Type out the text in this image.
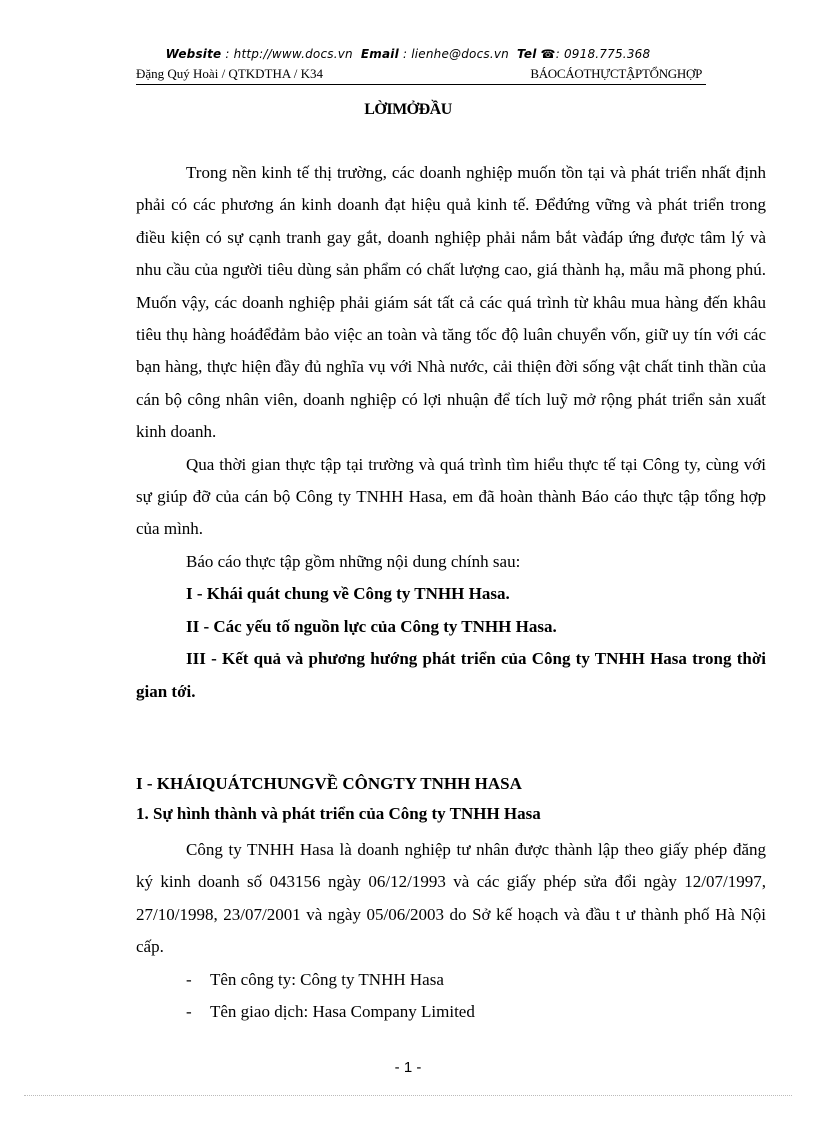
Website : http://www.docs.vn Email : lienhe@docs.vn Tel ☎: 0918.775.368
Đặng Quý Hoài / QTKDTHA / K34	BÁOCÁOTHỰCTẬPTỔNGHỢP
LỜIMỞĐẦU

Trong nền kinh tế thị trường, các doanh nghiệp muốn tồn tại và phát triển nhất định phải có các phương án kinh doanh đạt hiệu quả kinh tế. Đểđứng vững và phát triển trong điều kiện có sự cạnh tranh gay gắt, doanh nghiệp phải nắm bắt vàđáp ứng được tâm lý và nhu cầu của người tiêu dùng sản phẩm có chất lượng cao, giá thành hạ, mẫu mã phong phú. Muốn vậy, các doanh nghiệp phải giám sát tất cả các quá trình từ khâu mua hàng đến khâu tiêu thụ hàng hoáđểđảm bảo việc an toàn và tăng tốc độ luân chuyển vốn, giữ uy tín với các bạn hàng, thực hiện đầy đủ nghĩa vụ với Nhà nước, cải thiện đời sống vật chất tinh thần của cán bộ công nhân viên, doanh nghiệp có lợi nhuận để tích luỹ mở rộng phát triển sản xuất kinh doanh.

Qua thời gian thực tập tại trường và quá trình tìm hiểu thực tế tại Công ty, cùng với sự giúp đỡ của cán bộ Công ty TNHH Hasa, em đã hoàn thành Báo cáo thực tập tổng hợp của mình.

Báo cáo thực tập gồm những nội dung chính sau:

I - Khái quát chung về Công ty TNHH Hasa.

II - Các yếu tố nguồn lực của Công ty TNHH Hasa.

III - Kết quả và phương hướng phát triển của Công ty TNHH Hasa trong thời gian tới.

I - KHÁIQUÁTCHUNGVỀ CÔNGTY TNHH HASA
1. Sự hình thành và phát triển của Công ty TNHH Hasa

Công ty TNHH Hasa là doanh nghiệp tư nhân được thành lập theo giấy phép đăng ký kinh doanh số 043156 ngày 06/12/1993 và các giấy phép sửa đổi ngày 12/07/1997, 27/10/1998, 23/07/2001 và ngày 05/06/2003 do Sở kế hoạch và đầu t ư thành phố Hà Nội cấp.

- Tên công ty: Công ty TNHH Hasa
- Tên giao dịch: Hasa Company Limited
- 1 -
